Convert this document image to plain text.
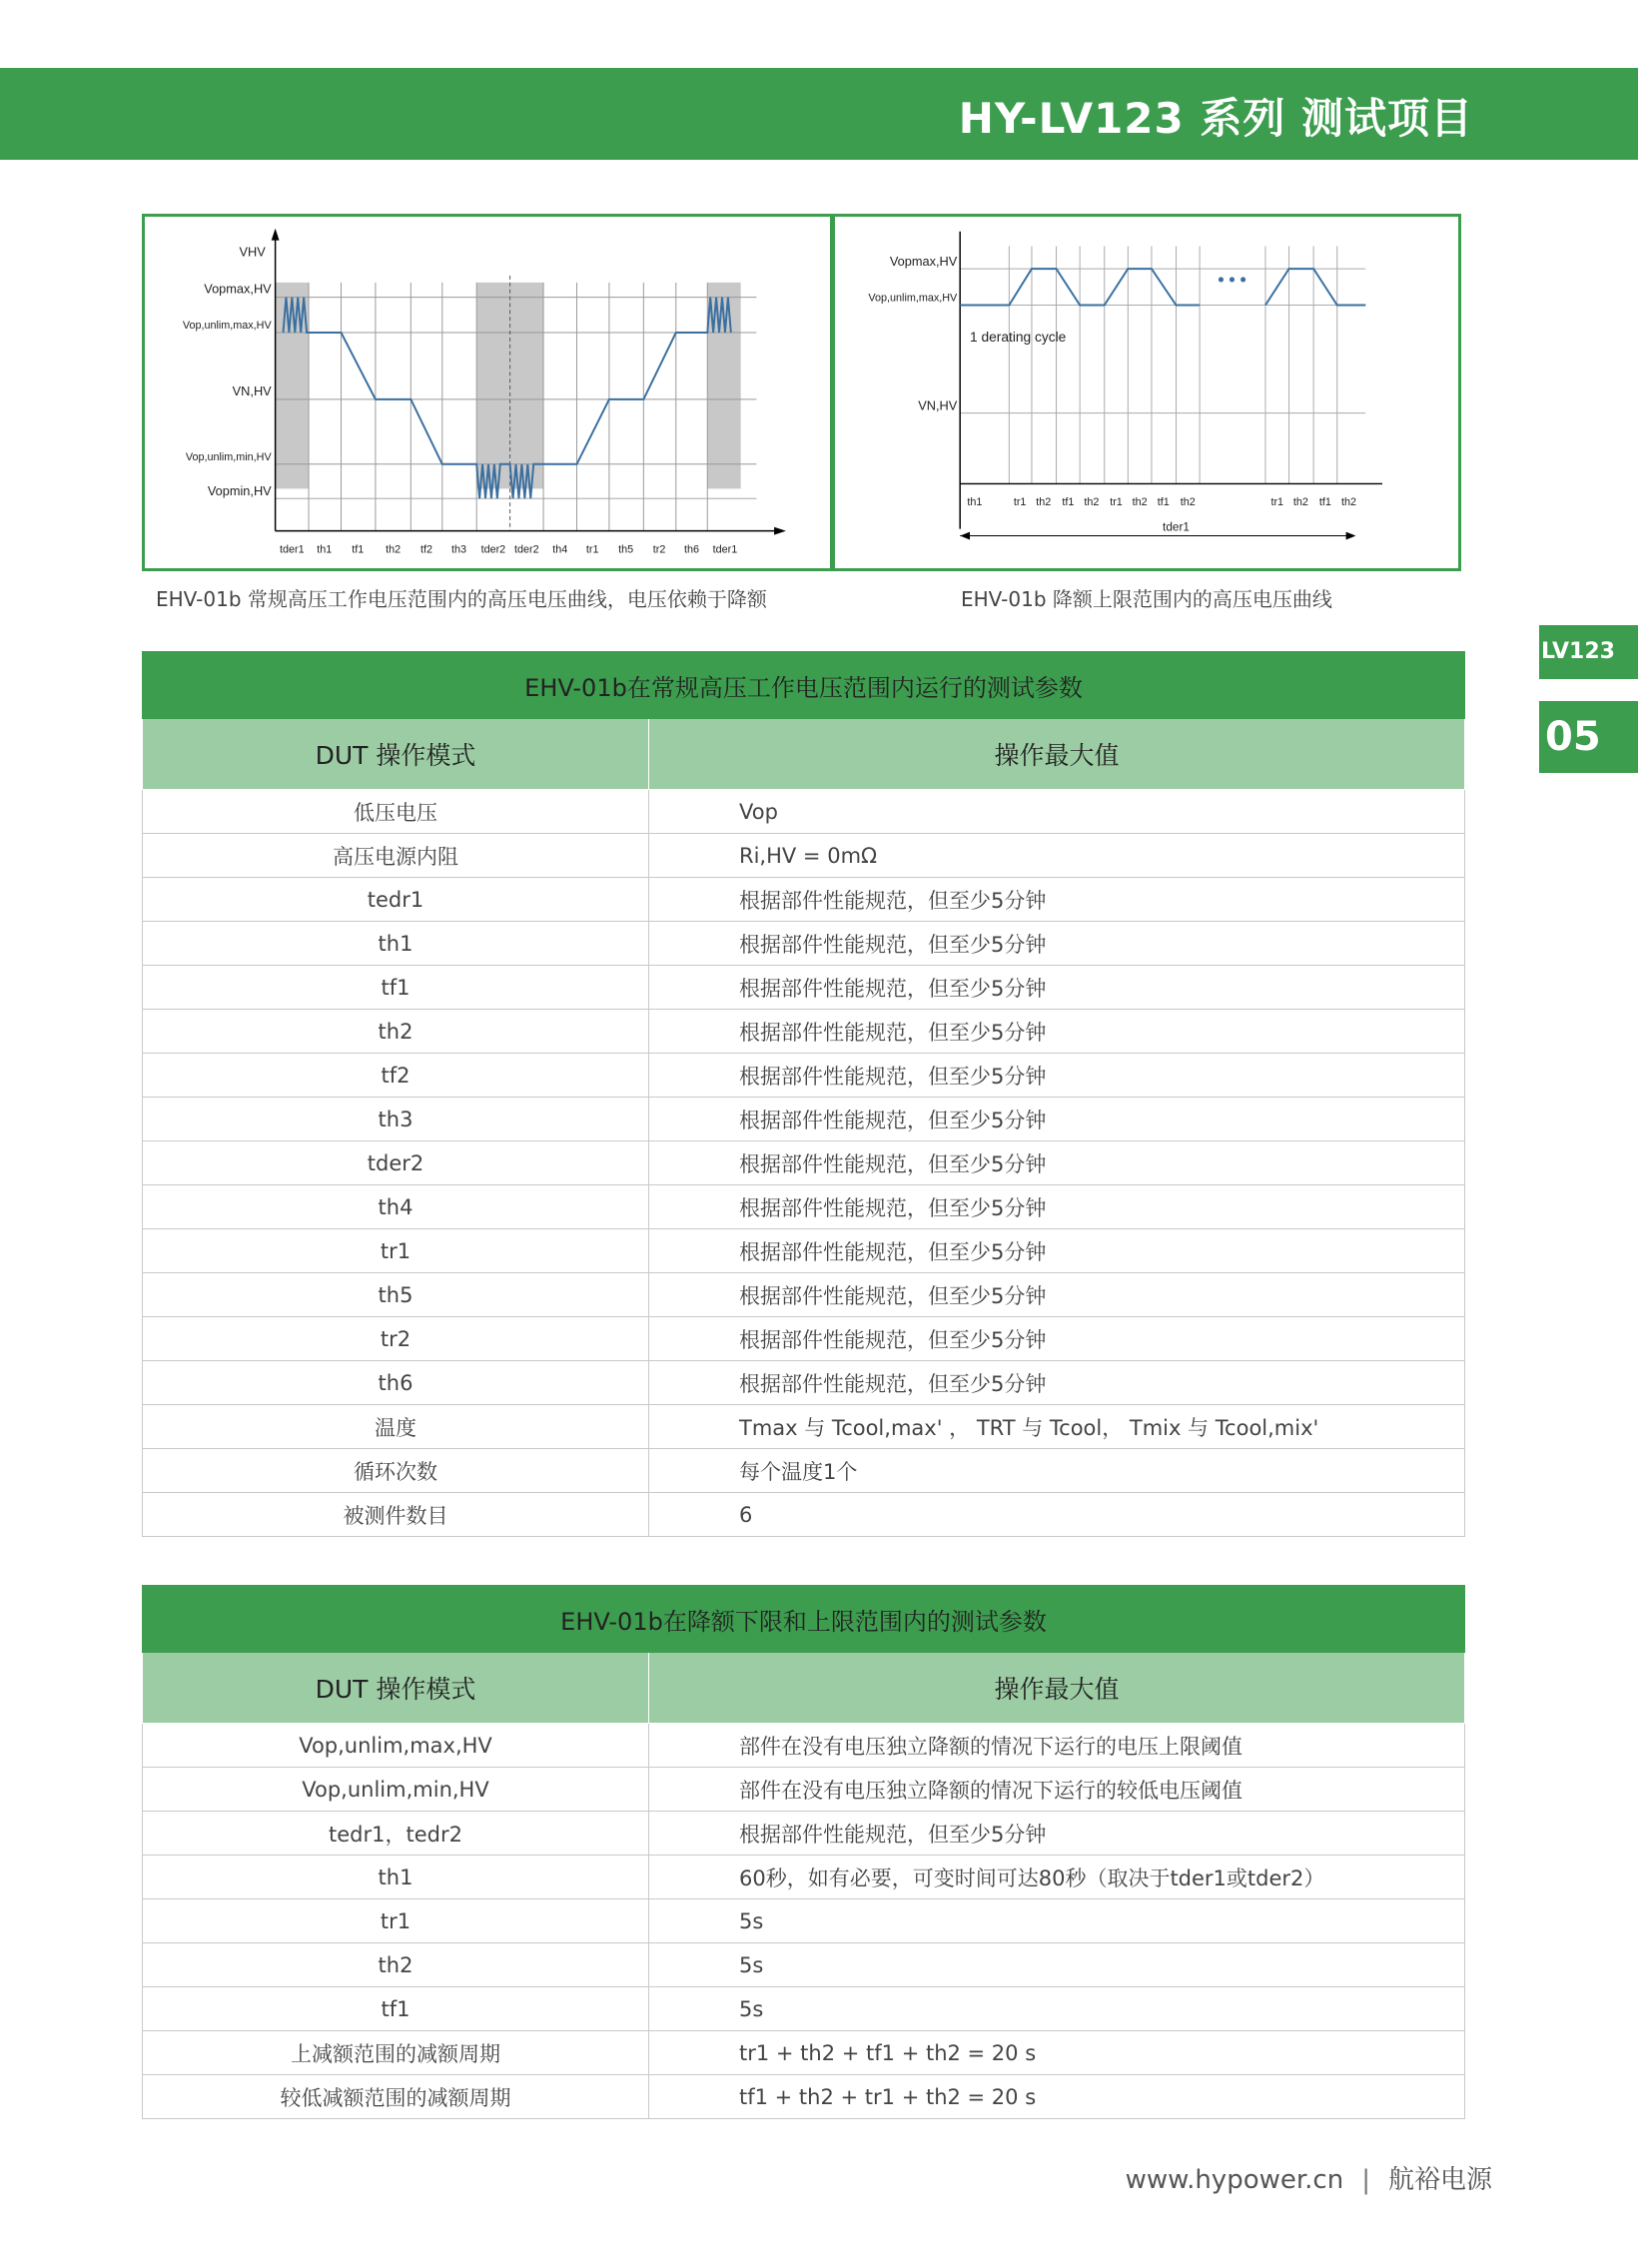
HY-LV123 系列 测试项目
VHV
Vopmax,HV
Vop,unlim,max,HV
VN,HV
Vop,unlim,min,HV
Vopmin,HV
tder1 th1 tf1 th2 tf2 th3 tder2 tder2 th4 tr1 th5 tr2 th6 tder1
EHV-01b 常规高压工作电压范围内的高压电压曲线，电压依赖于降额
• • •
Vopmax,HV
Vop,unlim,max,HV
VN,HV
1 derating cycle
th1	tr1 th2 tf1 th2 tr1 th2 tf1 th2	tr1 th2 tf1 th2
tder1
EHV-01b 降额上限范围内的高压电压曲线
LV123
05
EHV-01b在常规高压工作电压范围内运行的测试参数	
DUT 操作模式	操作最大值
低压电压	Vop
高压电源内阻	Ri,HV = 0mΩ
tedr1	根据部件性能规范，但至少5分钟
th1	根据部件性能规范，但至少5分钟
tf1	根据部件性能规范，但至少5分钟
th2	根据部件性能规范，但至少5分钟
tf2	根据部件性能规范，但至少5分钟
th3	根据部件性能规范，但至少5分钟
tder2	根据部件性能规范，但至少5分钟
th4	根据部件性能规范，但至少5分钟
tr1	根据部件性能规范，但至少5分钟
th5	根据部件性能规范，但至少5分钟
tr2	根据部件性能规范，但至少5分钟
th6	根据部件性能规范，但至少5分钟
温度	Tmax 与 Tcool,max' ， TRT 与 Tcool， Tmix 与 Tcool,mix'
循环次数	每个温度1个
被测件数目	6
EHV-01b在降额下限和上限范围内的测试参数	
DUT 操作模式	操作最大值
Vop,unlim,max,HV	部件在没有电压独立降额的情况下运行的电压上限阈值
Vop,unlim,min,HV	部件在没有电压独立降额的情况下运行的较低电压阈值
tedr1，tedr2	根据部件性能规范，但至少5分钟
th1	60秒，如有必要，可变时间可达80秒（取决于tder1或tder2）
tr1	5s
th2	5s
tf1	5s
上减额范围的减额周期	tr1 + th2 + tf1 + th2 = 20 s
较低减额范围的减额周期	tf1 + th2 + tr1 + th2 = 20 s
www.hypower.cn | 航裕电源
